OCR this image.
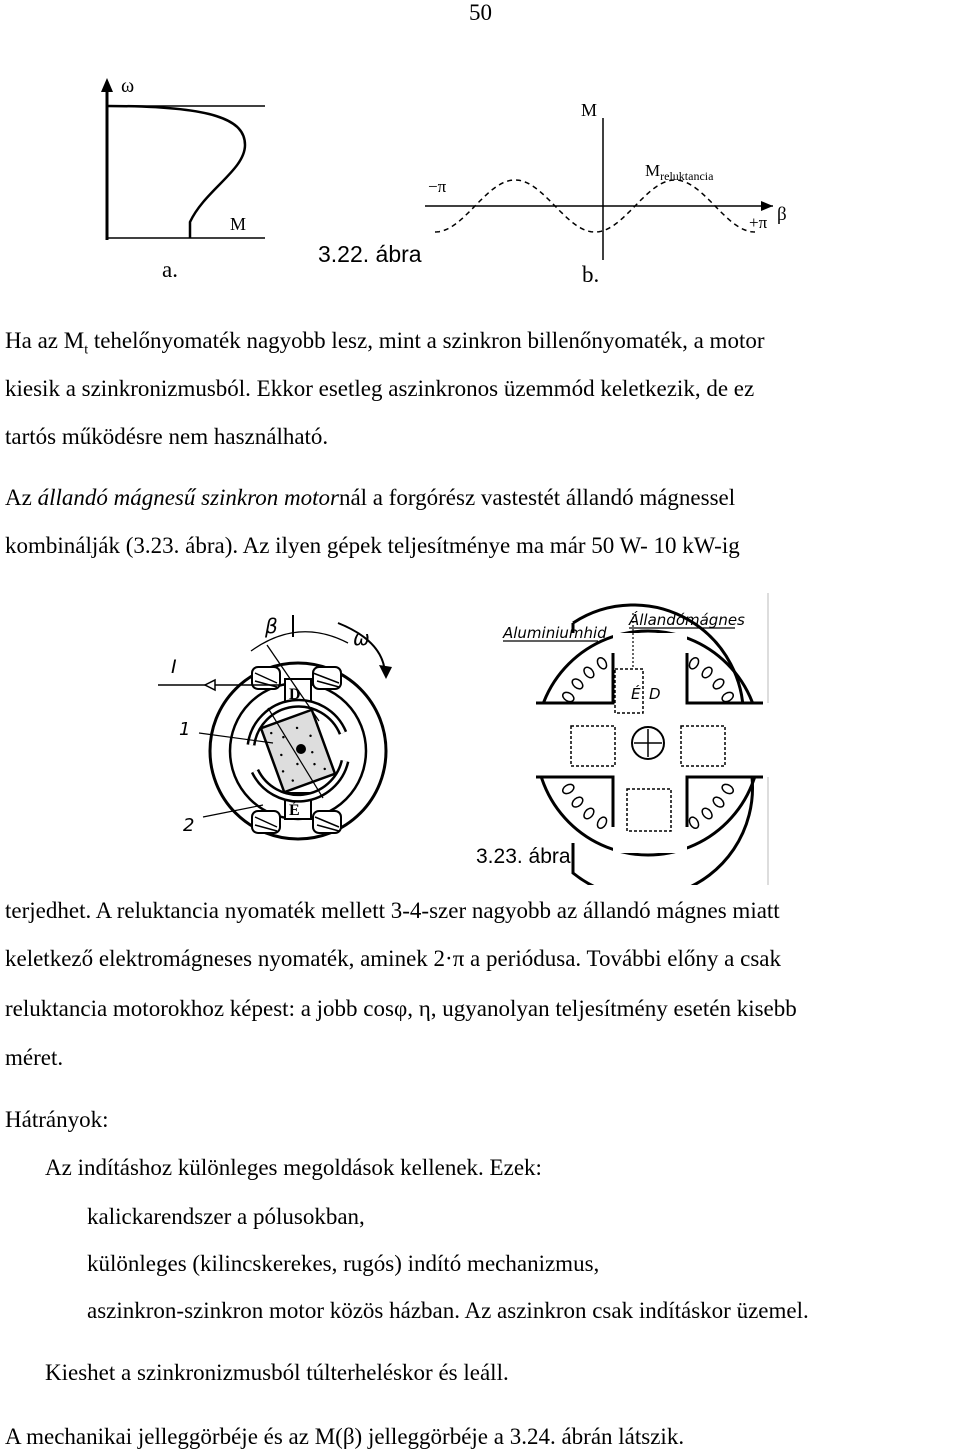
50
ω
M
a.
3.22. ábra
M
$M_{reluktancia}$
−π
+π β
b.
Ha az $M_t$ tehelőnyomaték nagyobb lesz, mint a szinkron billenőnyomaték, a motor
kiesik a szinkronizmusból. Ekkor esetleg aszinkronos üzemmód keletkezik, de ez
tartós működésre nem használható.
Az állandó mágnesű szinkron motornál a forgórész vastestét állandó mágnessel
kombinálják (3.23. ábra). Az ilyen gépek teljesítménye ma már 50 W- 10 kW-ig
D
É
β	ω
I
1
2
É D
Aluminiumhid
Állandómágnes
3.23. ábra
terjedhet. A reluktancia nyomaték mellett 3-4-szer nagyobb az állandó mágnes miatt
keletkező elektromágneses nyomaték, aminek 2·π a periódusa. További előny a csak
reluktancia motorokhoz képest: a jobb cosφ, η, ugyanolyan teljesítmény esetén kisebb
méret.
Hátrányok:
Az indításhoz különleges megoldások kellenek. Ezek:
kalickarendszer a pólusokban,
különleges (kilincskerekes, rugós) indító mechanizmus,
aszinkron-szinkron motor közös házban. Az aszinkron csak indításkor üzemel.
Kieshet a szinkronizmusból túlterheléskor és leáll.
A mechanikai jelleggörbéje és az M(β) jelleggörbéje a 3.24. ábrán látszik.
